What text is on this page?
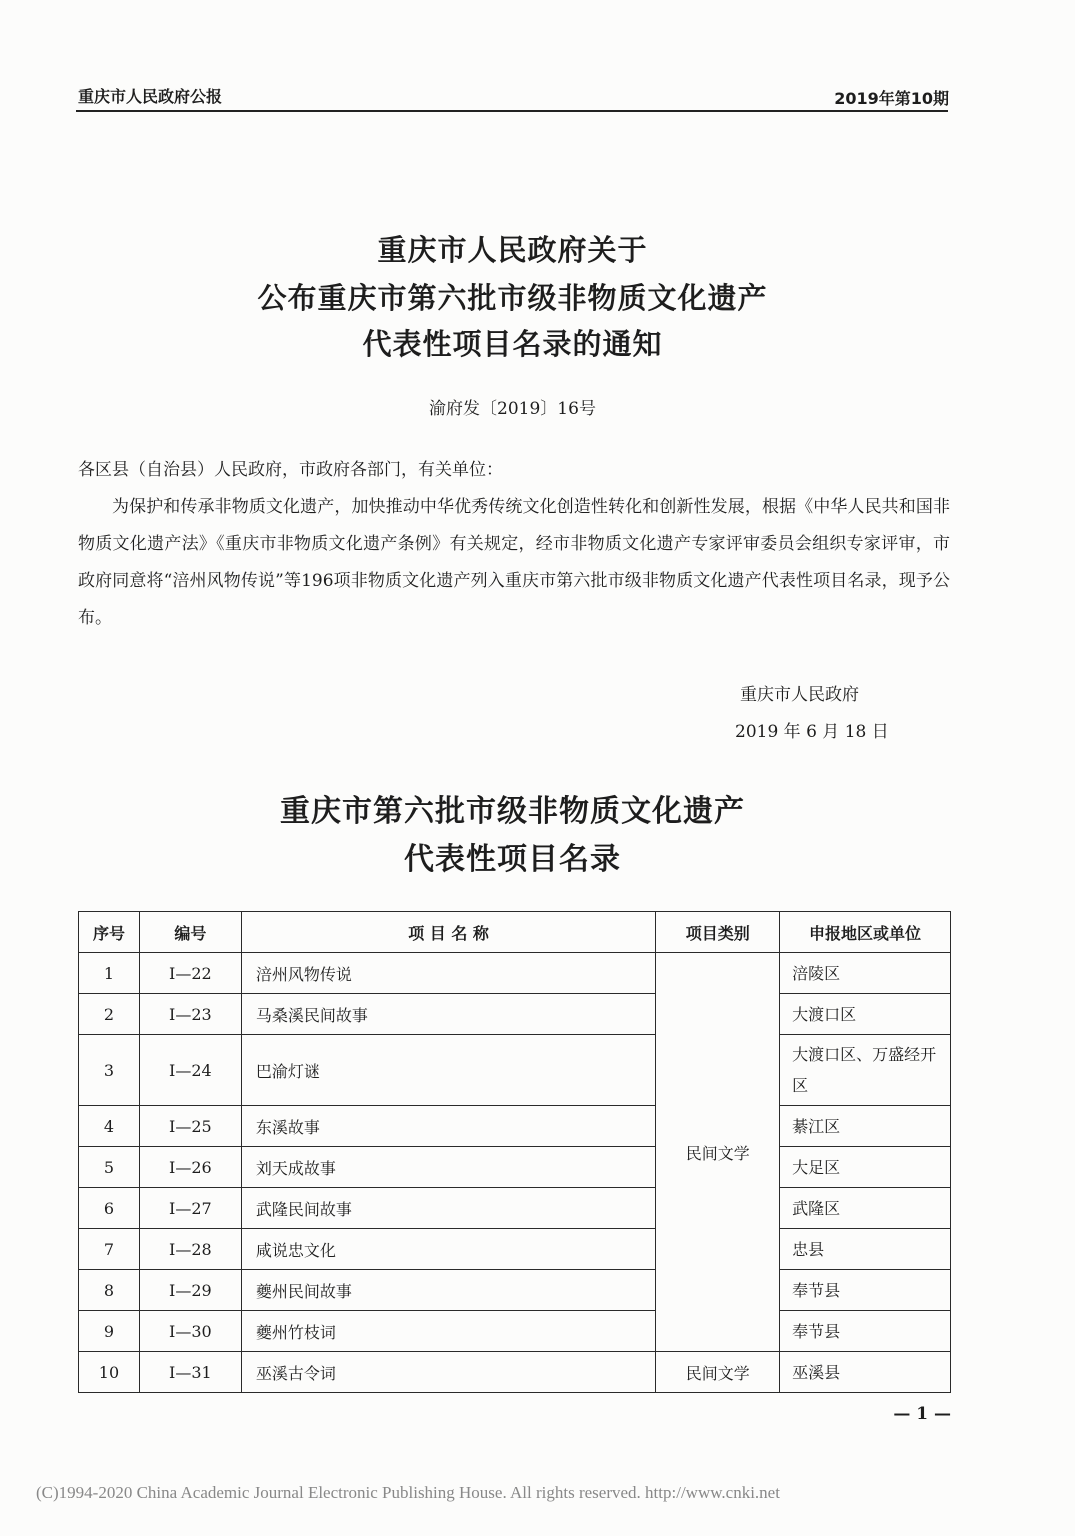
重庆市人民政府公报	2019年第10期
重庆市人民政府关于
公布重庆市第六批市级非物质文化遗产
代表性项目名录的通知
渝府发〔2019〕16号
各区县（自治县）人民政府，市政府各部门，有关单位：
为保护和传承非物质文化遗产，加快推动中华优秀传统文化创造性转化和创新性发展，根据《中华人民共和国非物质文化遗产法》《重庆市非物质文化遗产条例》有关规定，经市非物质文化遗产专家评审委员会组织专家评审，市政府同意将“涪州风物传说”等196项非物质文化遗产列入重庆市第六批市级非物质文化遗产代表性项目名录，现予公布。
重庆市人民政府
2019 年 6 月 18 日
重庆市第六批市级非物质文化遗产
代表性项目名录
序号	编号	项 目 名 称	项目类别	申报地区或单位
1	Ⅰ—22	涪州风物传说	民间文学	涪陵区
2	Ⅰ—23	马桑溪民间故事		大渡口区
3	Ⅰ—24	巴渝灯谜		大渡口区、万盛经开区
4	Ⅰ—25	东溪故事		綦江区
5	Ⅰ—26	刘天成故事		大足区
6	Ⅰ—27	武隆民间故事		武隆区
7	Ⅰ—28	咸说忠文化		忠县
8	Ⅰ—29	夔州民间故事		奉节县
9	Ⅰ—30	夔州竹枝词		奉节县
10	Ⅰ—31	巫溪古令词	民间文学	巫溪县
— 1 —
(C)1994-2020 China Academic Journal Electronic Publishing House. All rights reserved. http://www.cnki.net
